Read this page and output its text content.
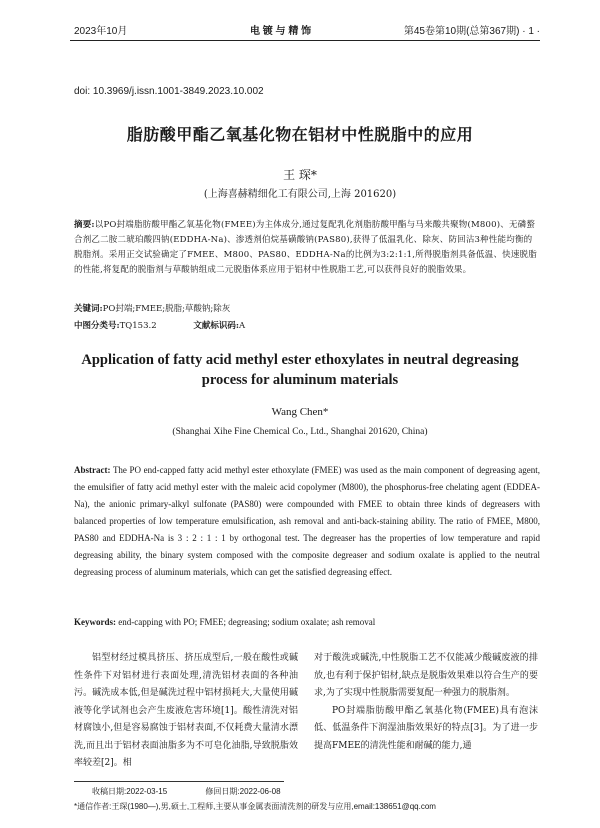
2023年10月	电 镀 与 精 饰	第45卷第10期(总第367期) · 1 ·
doi: 10.3969/j.issn.1001-3849.2023.10.002
脂肪酸甲酯乙氧基化物在铝材中性脱脂中的应用
王 琛*
(上海喜赫精细化工有限公司,上海 201620)
摘要:以PO封端脂肪酸甲酯乙氧基化物(FMEE)为主体成分,通过复配乳化剂脂肪酸甲酯与马来酸共聚物(M800)、无磷螯合剂乙二胺二琥珀酸四钠(EDDHA-Na)、渗透剂伯烷基磺酸钠(PAS80),获得了低温乳化、除灰、防回沾3种性能均衡的脱脂剂。采用正交试验确定了FMEE、M800、PAS80、EDDHA-Na的比例为3:2:1:1,所得脱脂剂具备低温、快速脱脂的性能,将复配的脱脂剂与草酸钠组成二元脱脂体系应用于铝材中性脱脂工艺,可以获得良好的脱脂效果。
关键词:PO封端;FMEE;脱脂;草酸钠;除灰
中图分类号:TQ153.2	文献标识码:A
Application of fatty acid methyl ester ethoxylates in neutral degreasing process for aluminum materials
Wang Chen*
(Shanghai Xihe Fine Chemical Co., Ltd., Shanghai 201620, China)
Abstract: The PO end-capped fatty acid methyl ester ethoxylate (FMEE) was used as the main component of degreasing agent, the emulsifier of fatty acid methyl ester with the maleic acid copolymer (M800), the phosphorus-free chelating agent (EDDEA-Na), the anionic primary-alkyl sulfonate (PAS80) were compounded with FMEE to obtain three kinds of degreasers with balanced properties of low temperature emulsification, ash removal and anti-back-staining ability. The ratio of FMEE, M800, PAS80 and EDDHA-Na is 3 : 2 : 1 : 1 by orthogonal test. The degreaser has the properties of low temperature and rapid degreasing ability, the binary system composed with the composite degreaser and sodium oxalate is applied to the neutral degreasing process of aluminum materials, which can get the satisfied degreasing effect.
Keywords: end-capping with PO; FMEE; degreasing; sodium oxalate; ash removal
铝型材经过模具挤压、挤压成型后,一般在酸性或碱性条件下对铝材进行表面处理,清洗铝材表面的各种油污。碱洗成本低,但是碱洗过程中铝材损耗大,大量使用碱液等化学试剂也会产生废液危害环境[1]。酸性清洗对铝材腐蚀小,但是容易腐蚀于铝材表面,不仅耗费大量清水漂洗,而且出于铝材表面油脂多为不可皂化油脂,导致脱脂效率较差[2]。相
对于酸洗或碱洗,中性脱脂工艺不仅能减少酸碱废液的排放,也有利于保护铝材,缺点是脱脂效果难以符合生产的要求,为了实现中性脱脂需要复配一种强力的脱脂剂。
PO封端脂肪酸甲酯乙氧基化物(FMEE)具有泡沫低、低温条件下润湿油脂效果好的特点[3]。为了进一步提高FMEE的清洗性能和耐碱的能力,通
收稿日期:2022-03-15	修回日期:2022-06-08
*通信作者:王琛(1980—),男,硕士,工程师,主要从事金属表面清洗剂的研发与应用,email:138651@qq.com
